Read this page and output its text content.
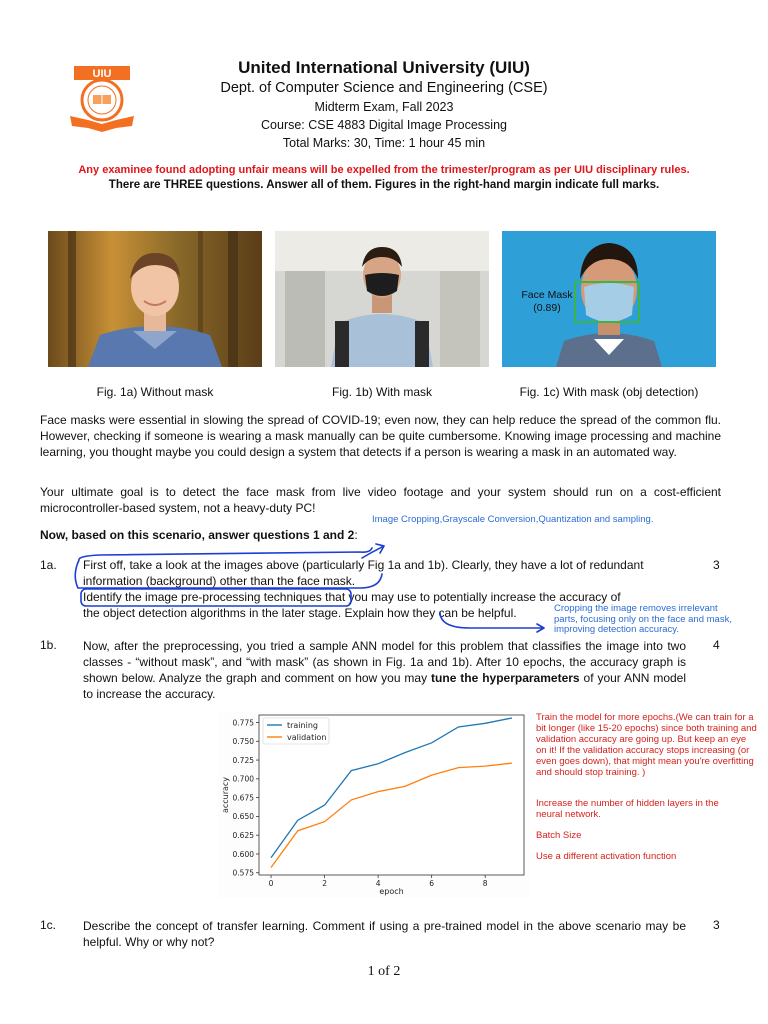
UIU	United International University (UIU)
Dept. of Computer Science and Engineering (CSE)
Midterm Exam, Fall 2023
Course: CSE 4883 Digital Image Processing
Total Marks: 30, Time: 1 hour 45 min
Any examinee found adopting unfair means will be expelled from the trimester/program as per UIU disciplinary rules.
There are THREE questions. Answer all of them. Figures in the right-hand margin indicate full marks.
Face Mask
(0.89)
Fig. 1a) Without mask	Fig. 1b) With mask	Fig. 1c) With mask (obj detection)
Face masks were essential in slowing the spread of COVID-19; even now, they can help reduce the spread of the common flu. However, checking if someone is wearing a mask manually can be quite cumbersome. Knowing image processing and machine learning, you thought maybe you could design a system that detects if a person is wearing a mask in an automated way.
Your ultimate goal is to detect the face mask from live video footage and your system should run on a cost-efficient microcontroller-based system, not a heavy-duty PC!
Now, based on this scenario, answer questions 1 and 2:
1a. First off, take a look at the images above (particularly Fig 1a and 1b). Clearly, they have a lot of redundant
information (background) other than the face mask.
Identify the image pre-processing techniques that you may use to potentially increase the accuracy of
the object detection algorithms in the later stage. Explain how they can be helpful.
3
Image Cropping,Grayscale Conversion,Quantization and sampling.
Cropping the image removes irrelevant parts, focusing only on the face and mask, improving detection accuracy.
1b. Now, after the preprocessing, you tried a sample ANN model for this problem that classifies the image into two classes - “without mask”, and “with mask” (as shown in Fig. 1a and 1b). After 10 epochs, the accuracy graph is shown below. Analyze the graph and comment on how you may tune the hyperparameters of your ANN model to increase the accuracy.
4
0.575
0.600
0.625
0.650
0.675
0.700
0.725
0.750
0.775
0	2	4	6	8
accuracy
epoch
training
validation
Train the model for more epochs.(We can train for a bit longer (like 15-20 epochs) since both training and validation accuracy are going up. But keep an eye on it! If the validation accuracy stops increasing (or even goes down), that might mean you're overfitting and should stop training. )
Increase the number of hidden layers in the neural network.
Batch Size
Use a different activation function
1c. Describe the concept of transfer learning. Comment if using a pre-trained model in the above scenario may be helpful. Why or why not?
3
1 of 2
